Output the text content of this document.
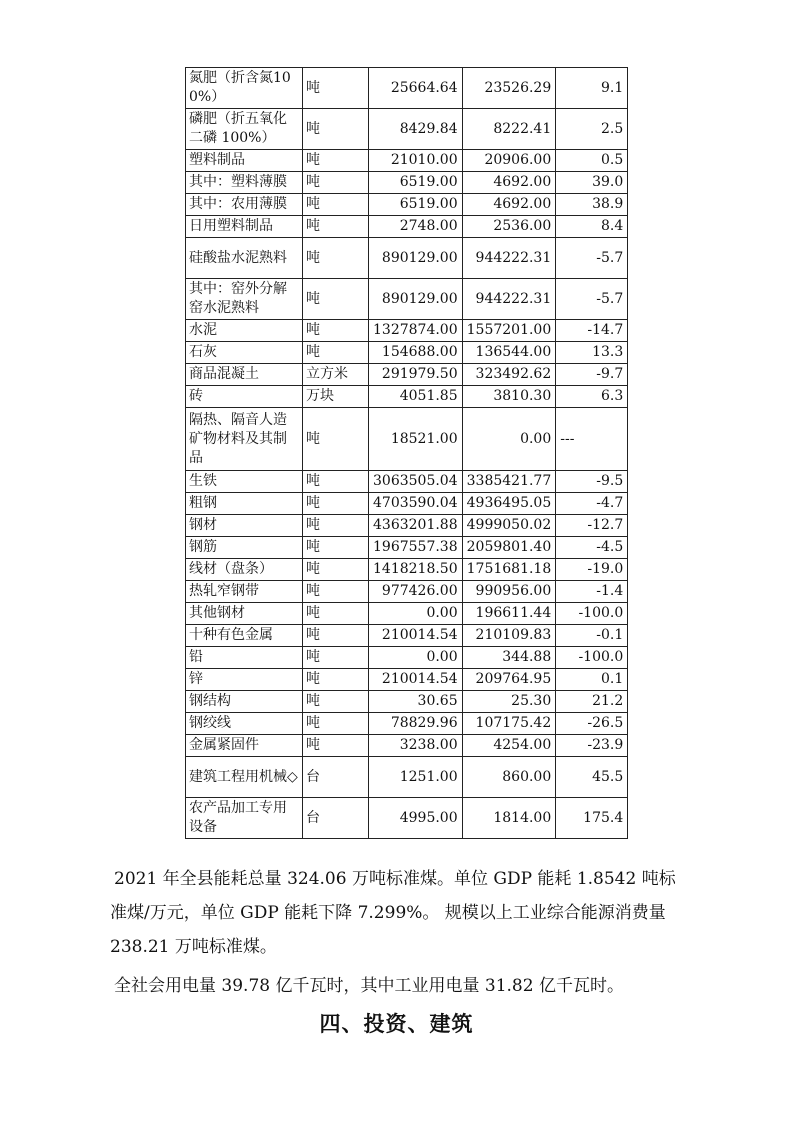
氮肥（折含氮100%）	吨	25664.64	23526.29	9.1
磷肥（折五氧化二磷 100%）	吨	8429.84	8222.41	2.5
塑料制品	吨	21010.00	20906.00	0.5
其中：塑料薄膜	吨	6519.00	4692.00	39.0
其中：农用薄膜	吨	6519.00	4692.00	38.9
日用塑料制品	吨	2748.00	2536.00	8.4
硅酸盐水泥熟料	吨	890129.00	944222.31	-5.7
其中：窑外分解窑水泥熟料	吨	890129.00	944222.31	-5.7
水泥	吨	1327874.00	1557201.00	-14.7
石灰	吨	154688.00	136544.00	13.3
商品混凝土	立方米	291979.50	323492.62	-9.7
砖	万块	4051.85	3810.30	6.3
隔热、隔音人造矿物材料及其制品	吨	18521.00	0.00	---
生铁	吨	3063505.04	3385421.77	-9.5
粗钢	吨	4703590.04	4936495.05	-4.7
钢材	吨	4363201.88	4999050.02	-12.7
钢筋	吨	1967557.38	2059801.40	-4.5
线材（盘条）	吨	1418218.50	1751681.18	-19.0
热轧窄钢带	吨	977426.00	990956.00	-1.4
其他钢材	吨	0.00	196611.44	-100.0
十种有色金属	吨	210014.54	210109.83	-0.1
铅	吨	0.00	344.88	-100.0
锌	吨	210014.54	209764.95	0.1
钢结构	吨	30.65	25.30	21.2
钢绞线	吨	78829.96	107175.42	-26.5
金属紧固件	吨	3238.00	4254.00	-23.9
建筑工程用机械◇	台	1251.00	860.00	45.5
农产品加工专用设备	台	4995.00	1814.00	175.4

2021 年全县能耗总量 324.06 万吨标准煤。单位 GDP 能耗 1.8542 吨标
准煤/万元，单位 GDP 能耗下降 7.299%。 规模以上工业综合能源消费量
238.21 万吨标准煤。

全社会用电量 39.78 亿千瓦时，其中工业用电量 31.82 亿千瓦时。

四、投资、建筑
